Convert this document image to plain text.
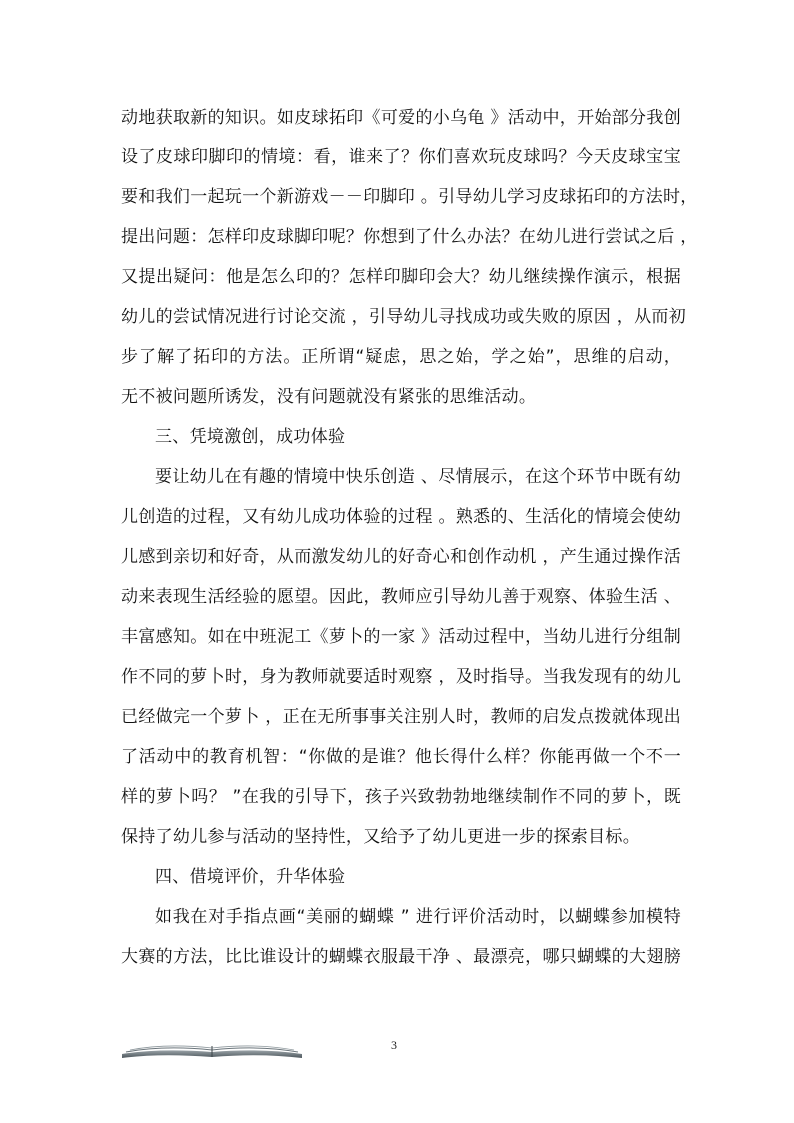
动地获取新的知识。如皮球拓印《可爱的小乌龟 》活动中，开始部分我创
设了皮球印脚印的情境：看，谁来了？你们喜欢玩皮球吗？今天皮球宝宝
要和我们一起玩一个新游戏－－印脚印 。引导幼儿学习皮球拓印的方法时，
提出问题：怎样印皮球脚印呢？你想到了什么办法？在幼儿进行尝试之后 ，
又提出疑问：他是怎么印的？怎样印脚印会大？幼儿继续操作演示，根据
幼儿的尝试情况进行讨论交流 ，引导幼儿寻找成功或失败的原因 ，从而初
步了解了拓印的方法。正所谓“疑虑，思之始，学之始”，思维的启动，
无不被问题所诱发，没有问题就没有紧张的思维活动。
三、凭境激创，成功体验
要让幼儿在有趣的情境中快乐创造 、尽情展示，在这个环节中既有幼
儿创造的过程，又有幼儿成功体验的过程 。熟悉的、生活化的情境会使幼
儿感到亲切和好奇，从而激发幼儿的好奇心和创作动机 ，产生通过操作活
动来表现生活经验的愿望。因此，教师应引导幼儿善于观察、体验生活 、
丰富感知。如在中班泥工《萝卜的一家 》活动过程中，当幼儿进行分组制
作不同的萝卜时，身为教师就要适时观察 ，及时指导。当我发现有的幼儿
已经做完一个萝卜 ，正在无所事事关注别人时，教师的启发点拨就体现出
了活动中的教育机智：“你做的是谁？他长得什么样？你能再做一个不一
样的萝卜吗？ ”在我的引导下，孩子兴致勃勃地继续制作不同的萝卜，既
保持了幼儿参与活动的坚持性，又给予了幼儿更进一步的探索目标。
四、借境评价，升华体验
如我在对手指点画“美丽的蝴蝶 ” 进行评价活动时，以蝴蝶参加模特
大赛的方法，比比谁设计的蝴蝶衣服最干净 、最漂亮，哪只蝴蝶的大翅膀
3
